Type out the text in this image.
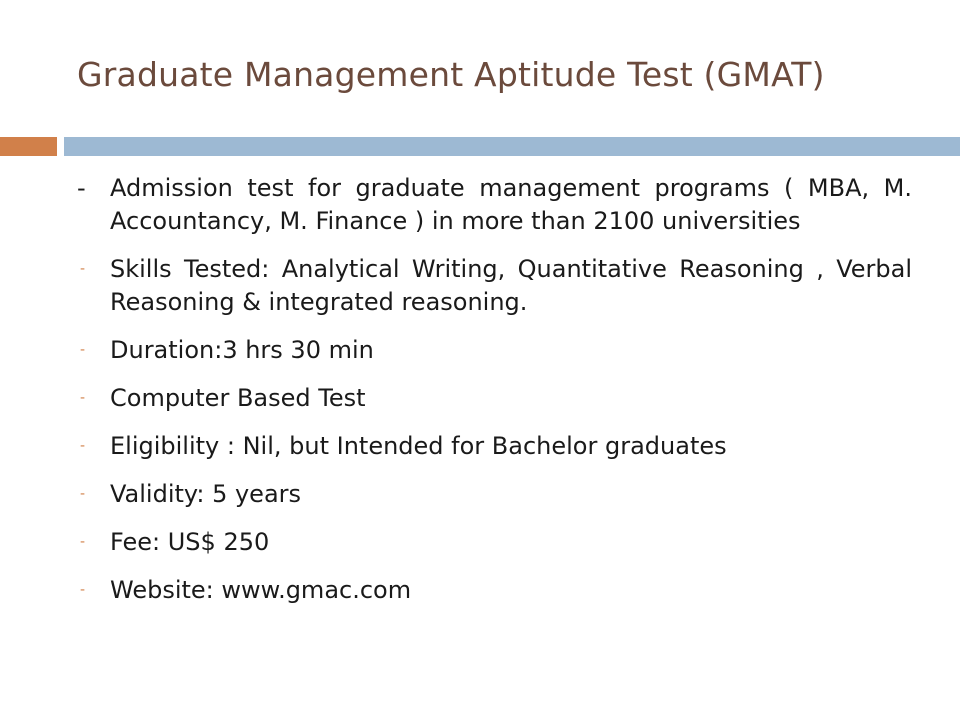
Graduate Management Aptitude Test (GMAT)
- Admission test for graduate management programs ( MBA, M. Accountancy, M. Finance ) in more than 2100 universities
- Skills Tested: Analytical Writing, Quantitative Reasoning , Verbal Reasoning & integrated reasoning.
- Duration:3 hrs 30 min
- Computer Based Test
- Eligibility : Nil, but Intended for Bachelor graduates
- Validity: 5 years
- Fee: US$ 250
- Website: www.gmac.com
